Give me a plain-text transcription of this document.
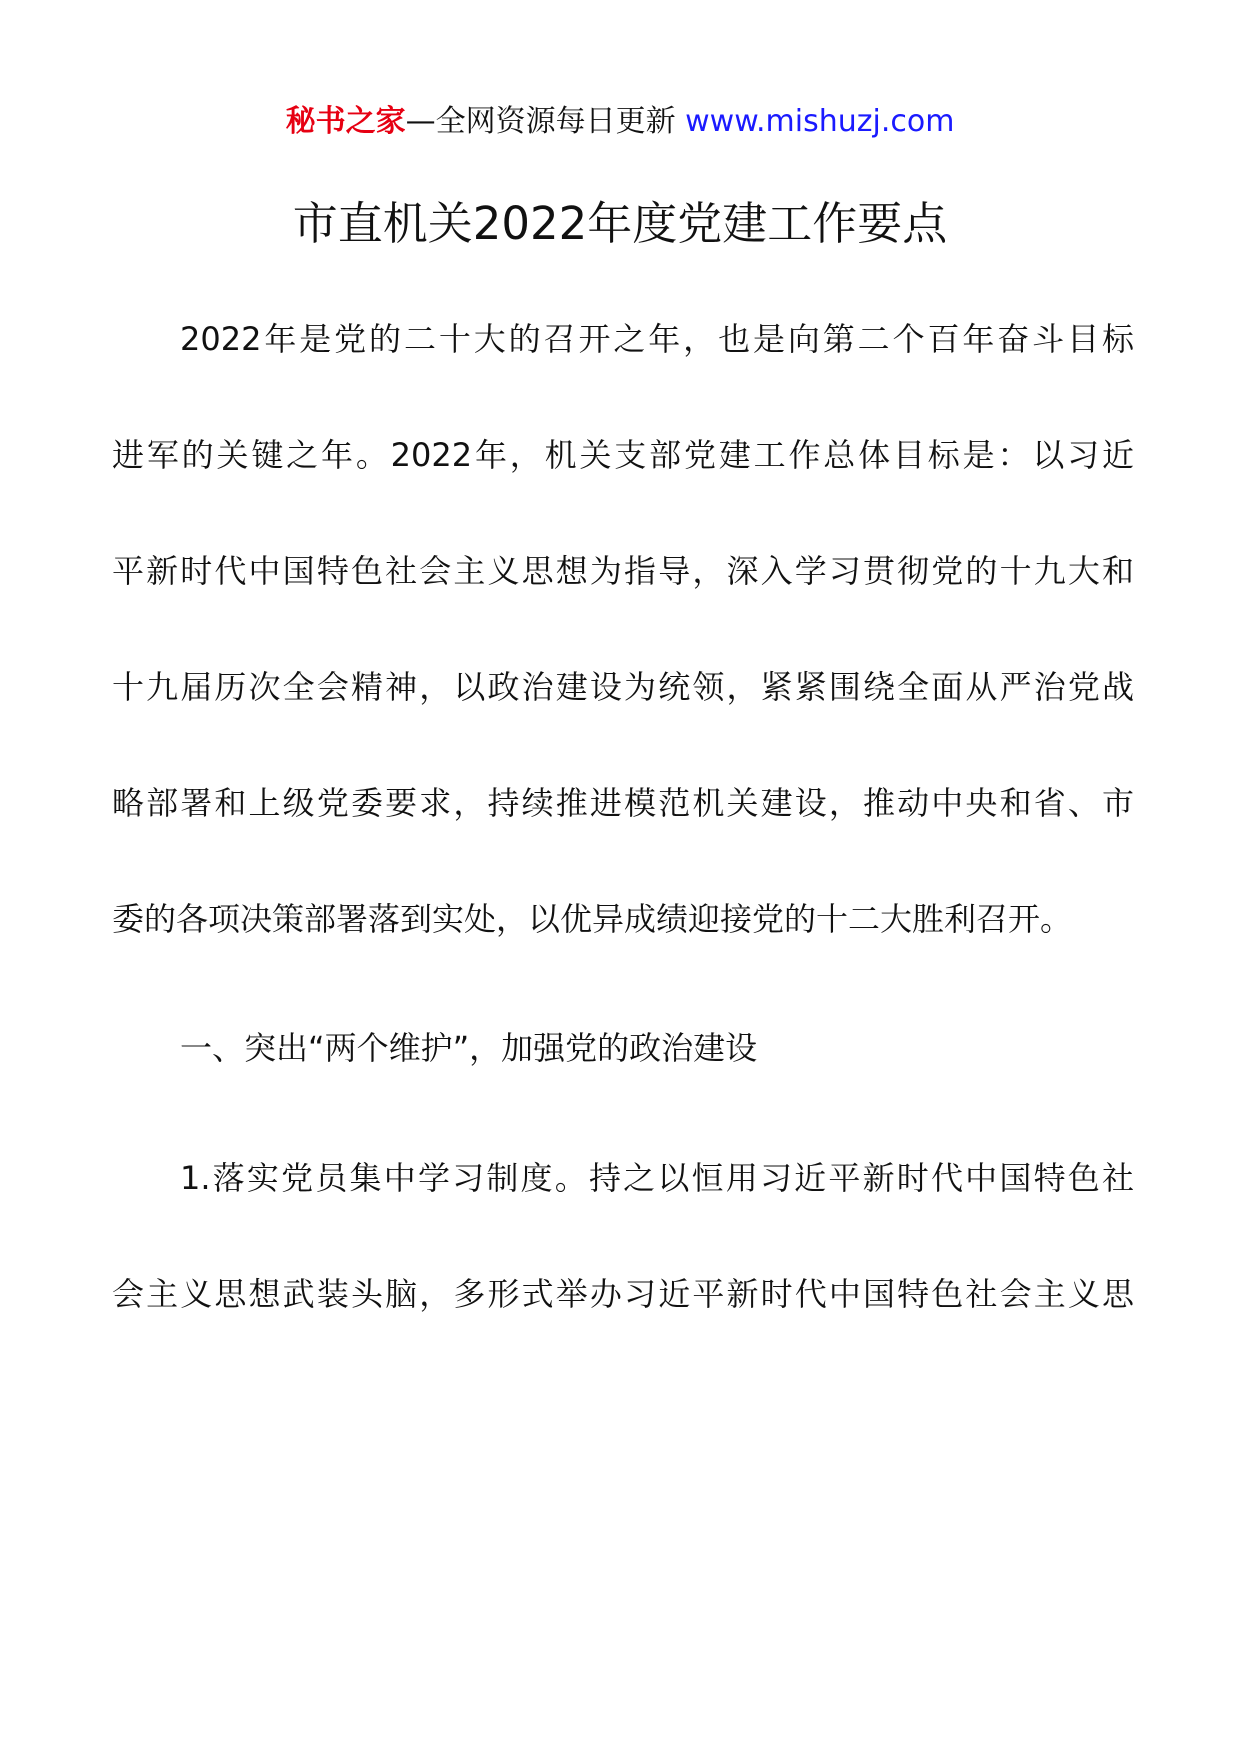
秘书之家—全网资源每日更新 www.mishuzj.com
市直机关2022年度党建工作要点
2022年是党的二十大的召开之年，也是向第二个百年奋斗目标
进军的关键之年。2022年，机关支部党建工作总体目标是：以习近
平新时代中国特色社会主义思想为指导，深入学习贯彻党的十九大和
十九届历次全会精神，以政治建设为统领，紧紧围绕全面从严治党战
略部署和上级党委要求，持续推进模范机关建设，推动中央和省、市
委的各项决策部署落到实处，以优异成绩迎接党的十二大胜利召开。
一、突出“两个维护”，加强党的政治建设
1.落实党员集中学习制度。持之以恒用习近平新时代中国特色社
会主义思想武装头脑，多形式举办习近平新时代中国特色社会主义思
